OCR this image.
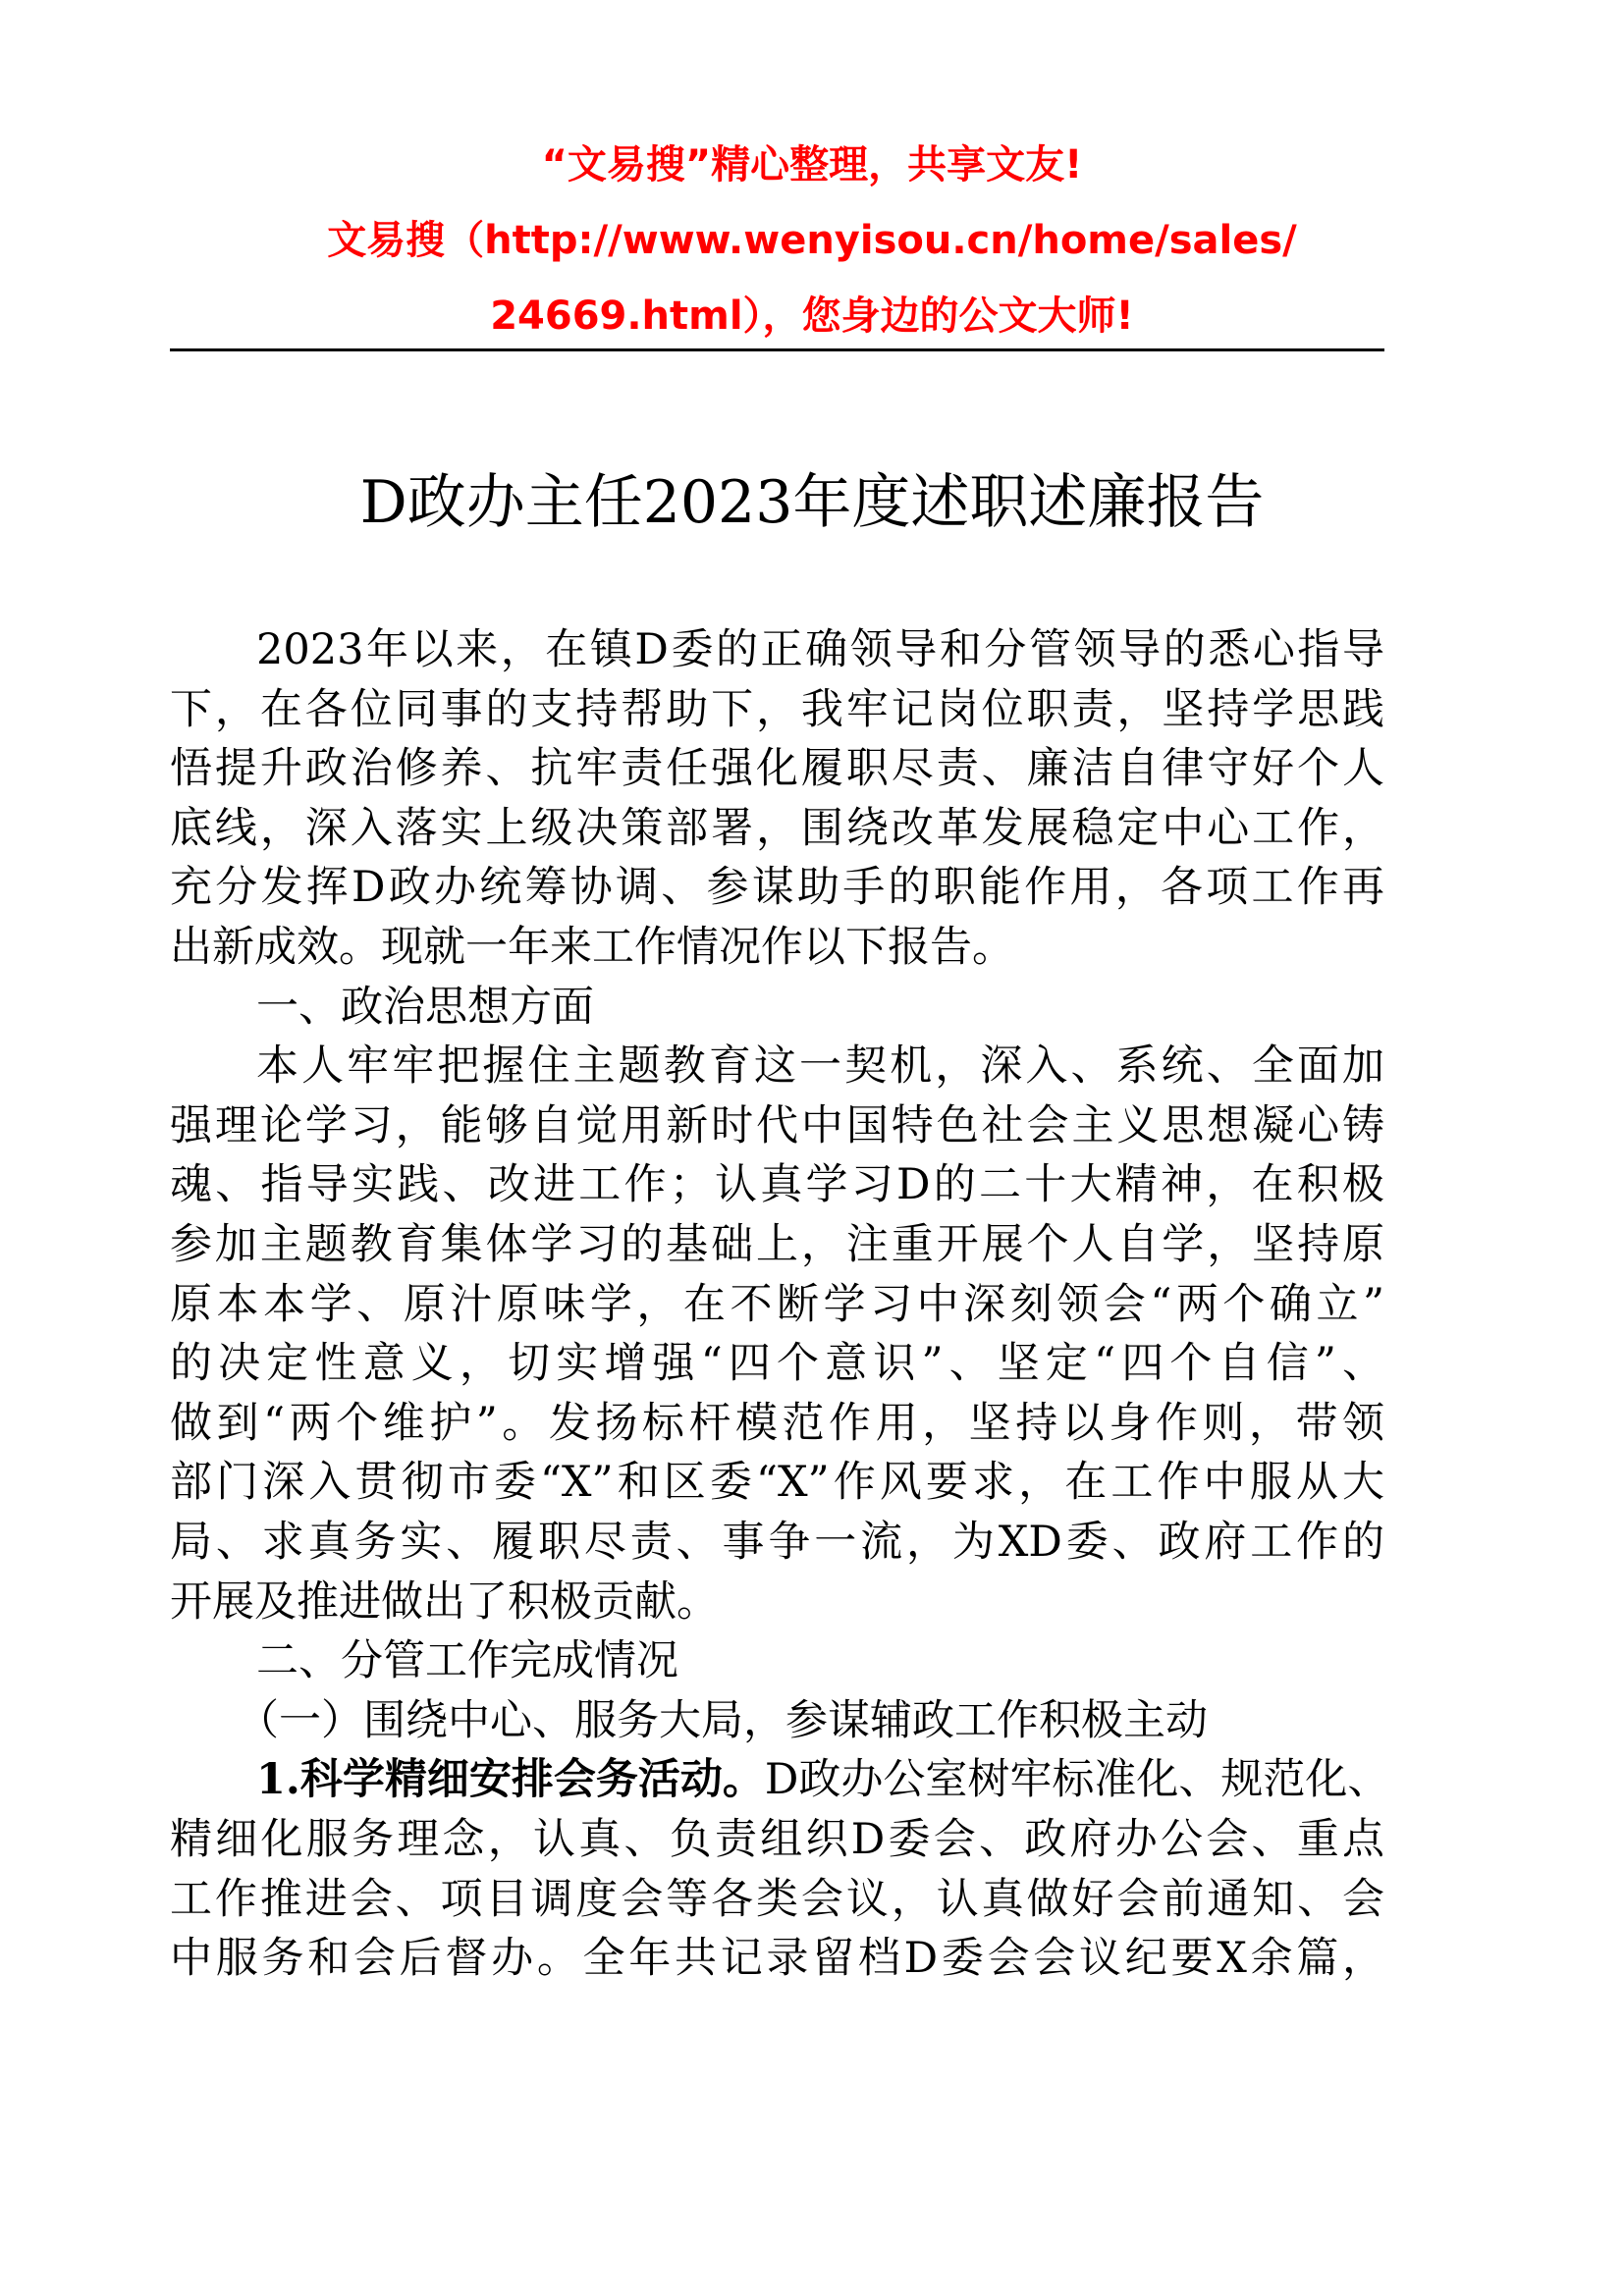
“文易搜”精心整理，共享文友!
文易搜（http://www.wenyisou.cn/home/sales/
24669.html），您身边的公文大师!
D政办主任2023年度述职述廉报告
2023年以来，在镇D委的正确领导和分管领导的悉心指导
下，在各位同事的支持帮助下，我牢记岗位职责，坚持学思践
悟提升政治修养、抗牢责任强化履职尽责、廉洁自律守好个人
底线，深入落实上级决策部署，围绕改革发展稳定中心工作，
充分发挥D政办统筹协调、参谋助手的职能作用，各项工作再
出新成效。现就一年来工作情况作以下报告。
一、政治思想方面
本人牢牢把握住主题教育这一契机，深入、系统、全面加
强理论学习，能够自觉用新时代中国特色社会主义思想凝心铸
魂、指导实践、改进工作；认真学习D的二十大精神，在积极
参加主题教育集体学习的基础上，注重开展个人自学，坚持原
原本本学、原汁原味学，在不断学习中深刻领会“两个确立”
的决定性意义，切实增强“四个意识”、坚定“四个自信”、
做到“两个维护”。发扬标杆模范作用，坚持以身作则，带领
部门深入贯彻市委“X”和区委“X”作风要求，在工作中服从大
局、求真务实、履职尽责、事争一流，为XD委、政府工作的
开展及推进做出了积极贡献。
二、分管工作完成情况
（一）围绕中心、服务大局，参谋辅政工作积极主动
1.科学精细安排会务活动。D政办公室树牢标准化、规范化、
精细化服务理念，认真、负责组织D委会、政府办公会、重点
工作推进会、项目调度会等各类会议，认真做好会前通知、会
中服务和会后督办。全年共记录留档D委会会议纪要X余篇，
